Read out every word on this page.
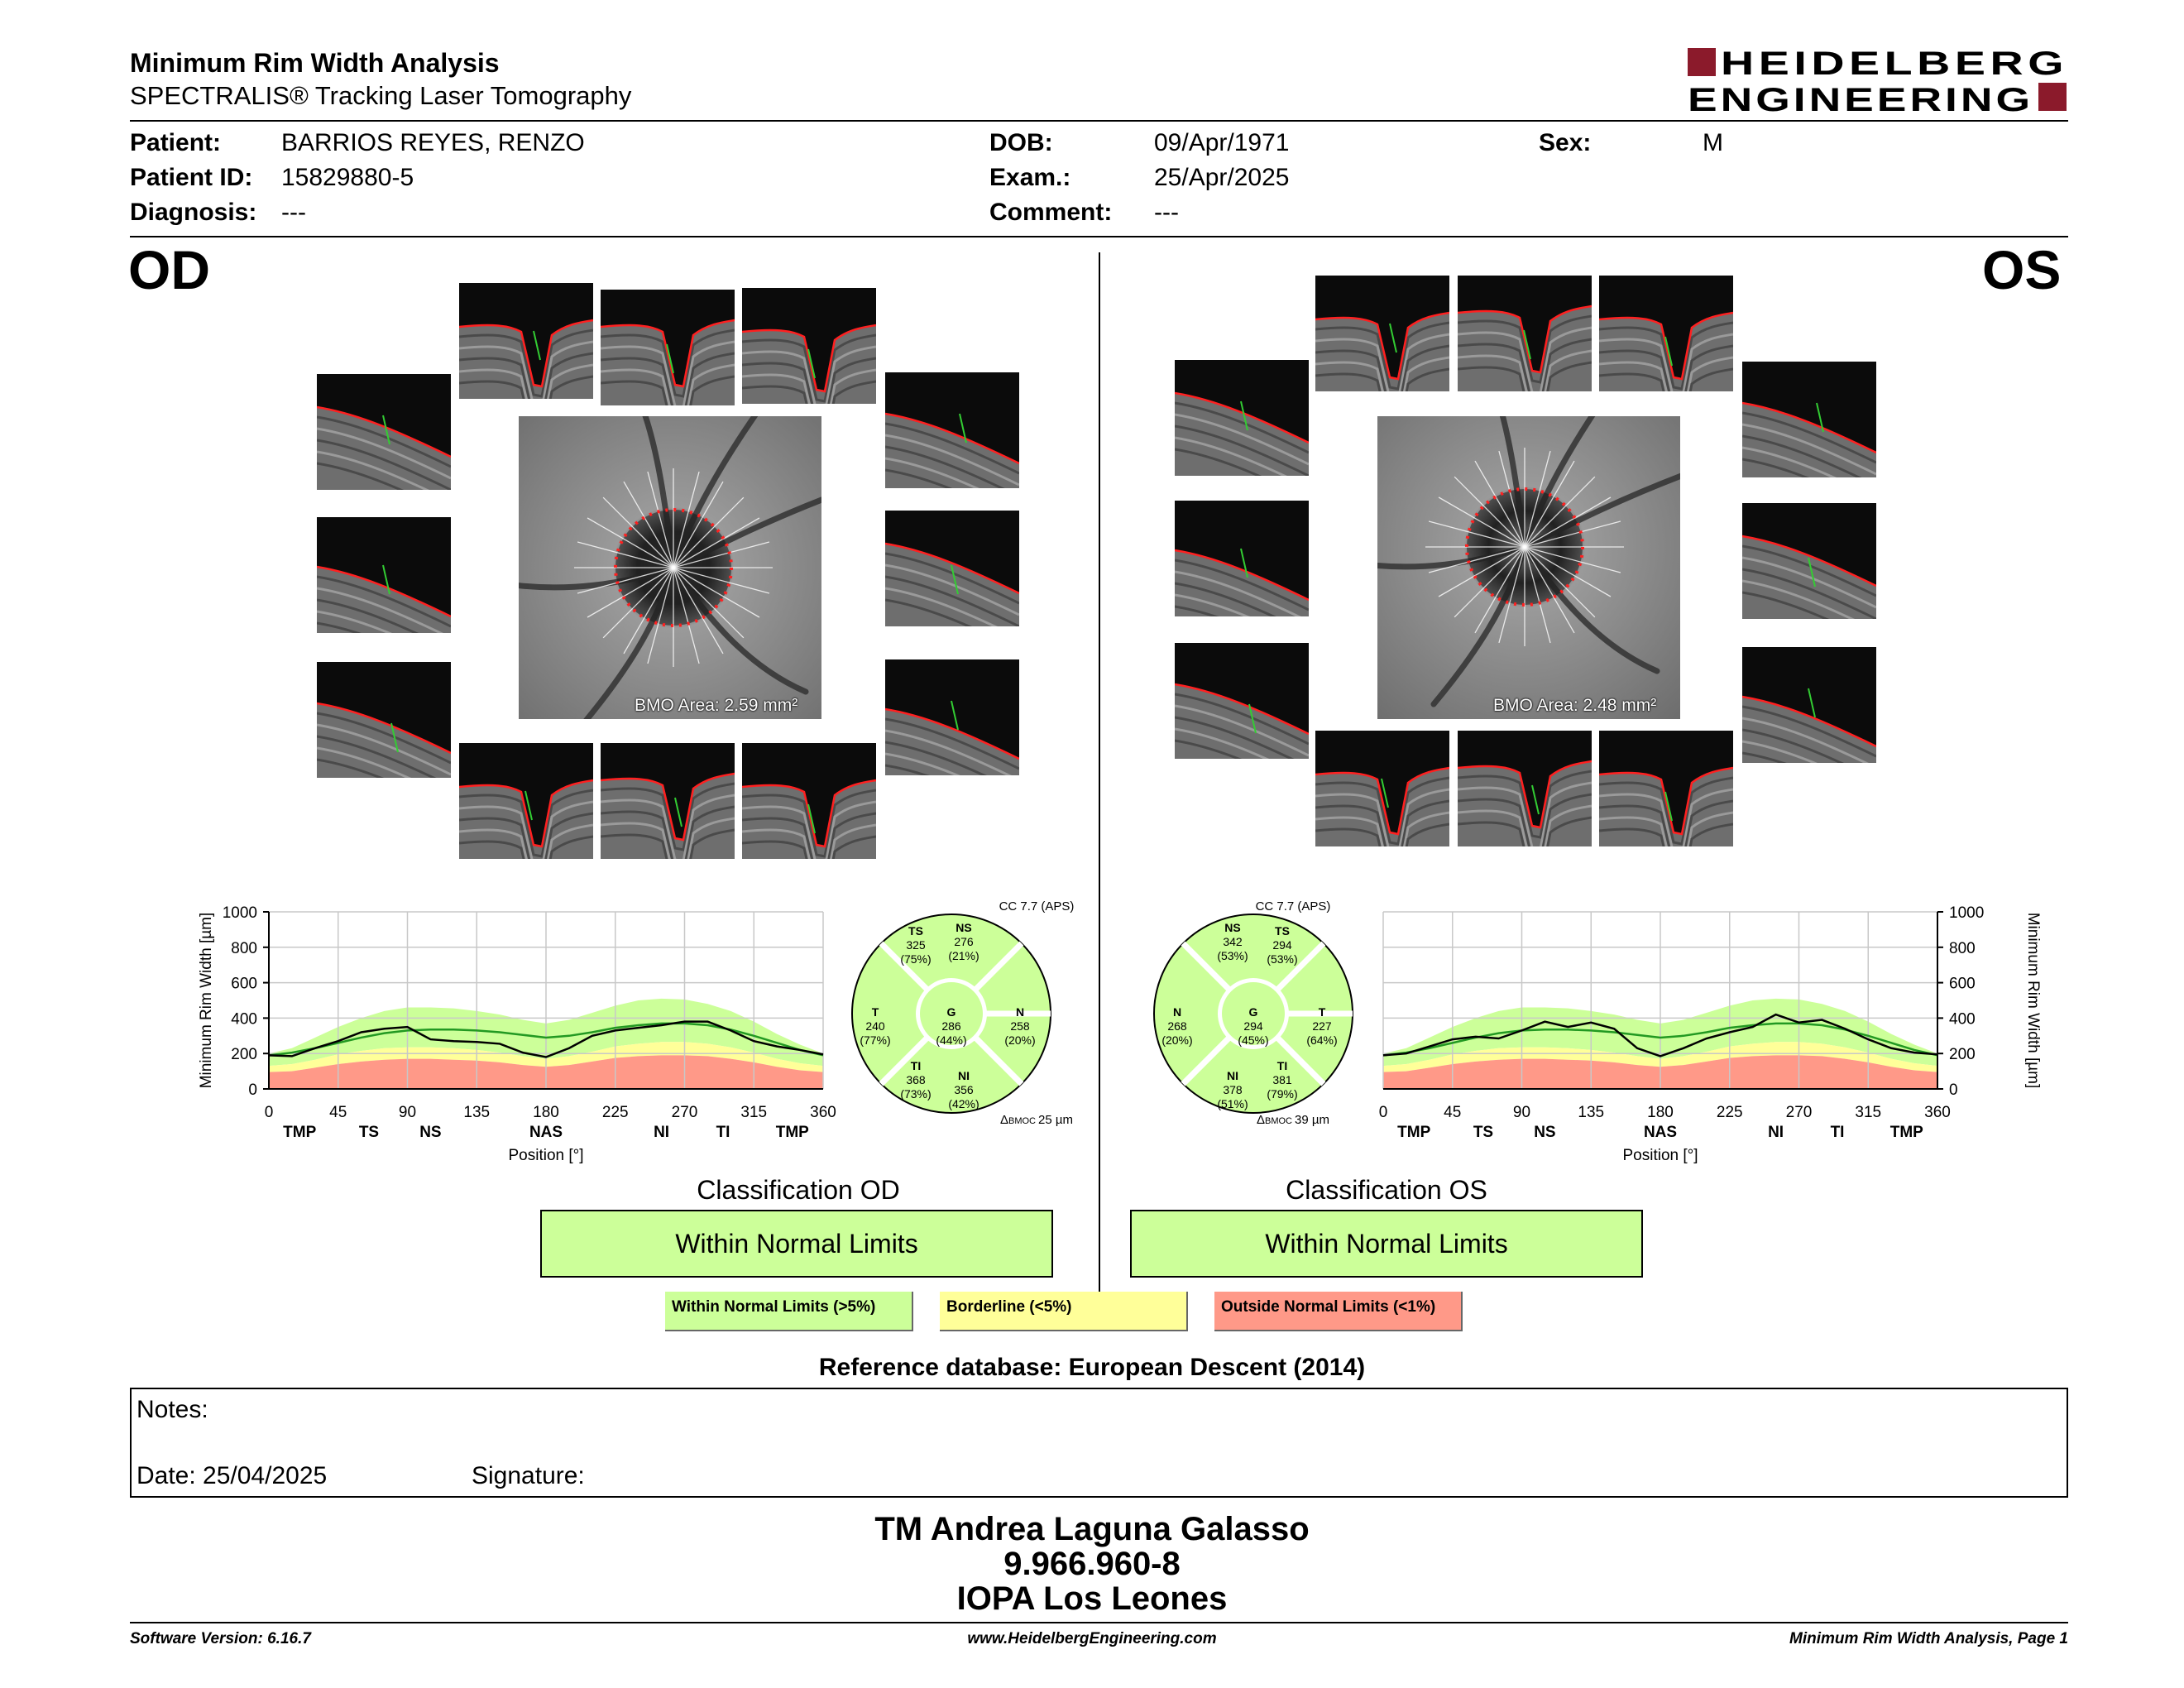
Minimum Rim Width Analysis
SPECTRALIS® Tracking Laser Tomography
HEIDELBERG
ENGINEERING
Patient: BARRIOS REYES, RENZO
Patient ID: 15829880-5
Diagnosis: ---
DOB:	09/Apr/1971
Exam.:	25/Apr/2025
Comment: ---
Sex:	M
OD	OS
BMO Area: 2.59 mm²	BMO Area: 2.48 mm²
0	45	90	135	180	225	270	315	360
0
200
400
600
800
1000
TMP	TS	NS	NAS	NI	TI	TMP
Position [°]
Minimum Rim Width [µm]
0	45	90	135	180	225	270	315	360
0
200
400
600
800
1000
TMP	TS	NS	NAS	NI	TI	TMP
Position [°]
Minimum Rim Width [µm]
CC 7.7 (APS)
TS
325
(75%)
NS
276
(21%)
T
240
(77%)
G
286
(44%)
N
258
(20%)
TI
368
(73%)
NI
356
(42%)
ΔBMOC 25 µm
CC 7.7 (APS)
NS
342
(53%)
TS
294
(53%)
N
268
(20%)
G
294
(45%)
T
227
(64%)
NI
378
(51%)
TI
381
(79%)
ΔBMOC 39 µm
Classification OD
Within Normal Limits
Classification OS
Within Normal Limits
Within Normal Limits (>5%)	Borderline (<5%)	Outside Normal Limits (<1%)
Reference database: European Descent (2014)
Notes:
Date: 25/04/2025	Signature:
TM Andrea Laguna Galasso
9.966.960-8
IOPA Los Leones
Software Version: 6.16.7	www.HeidelbergEngineering.com	Minimum Rim Width Analysis, Page 1
